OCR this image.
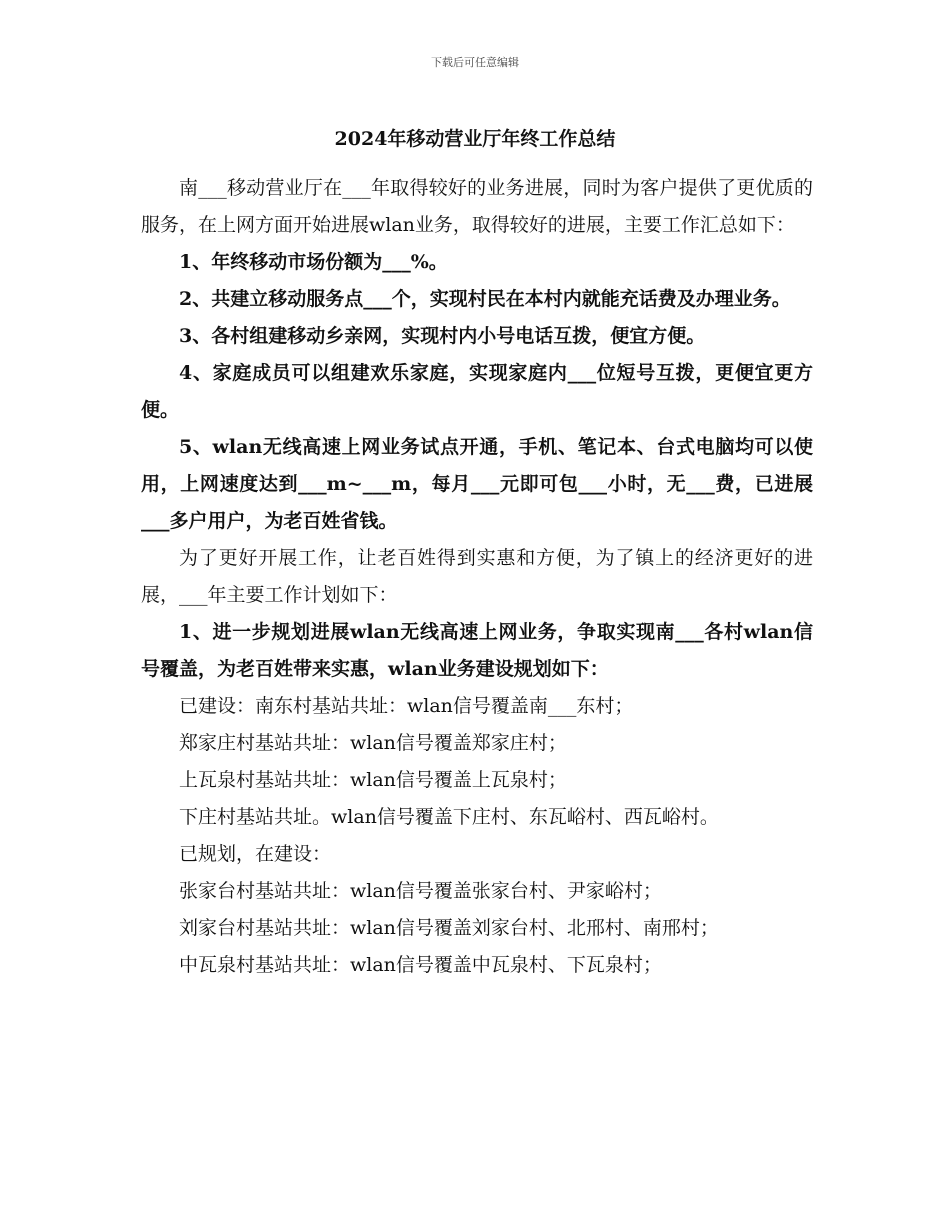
下载后可任意编辑
2024年移动营业厅年终工作总结

南___移动营业厅在___年取得较好的业务进展，同时为客户提供了更优质的服务，在上网方面开始进展wlan业务，取得较好的进展，主要工作汇总如下：

1、年终移动市场份额为___%。

2、共建立移动服务点___个，实现村民在本村内就能充话费及办理业务。

3、各村组建移动乡亲网，实现村内小号电话互拨，便宜方便。

4、家庭成员可以组建欢乐家庭，实现家庭内___位短号互拨，更便宜更方便。

5、wlan无线高速上网业务试点开通，手机、笔记本、台式电脑均可以使用，上网速度达到___m~___m，每月___元即可包___小时，无___费，已进展___多户用户，为老百姓省钱。

为了更好开展工作，让老百姓得到实惠和方便，为了镇上的经济更好的进展，___年主要工作计划如下：

1、进一步规划进展wlan无线高速上网业务，争取实现南___各村wlan信号覆盖，为老百姓带来实惠，wlan业务建设规划如下：

已建设：南东村基站共址：wlan信号覆盖南___东村；

郑家庄村基站共址：wlan信号覆盖郑家庄村；

上瓦泉村基站共址：wlan信号覆盖上瓦泉村；

下庄村基站共址。wlan信号覆盖下庄村、东瓦峪村、西瓦峪村。

已规划，在建设：

张家台村基站共址：wlan信号覆盖张家台村、尹家峪村；

刘家台村基站共址：wlan信号覆盖刘家台村、北邢村、南邢村；

中瓦泉村基站共址：wlan信号覆盖中瓦泉村、下瓦泉村；
